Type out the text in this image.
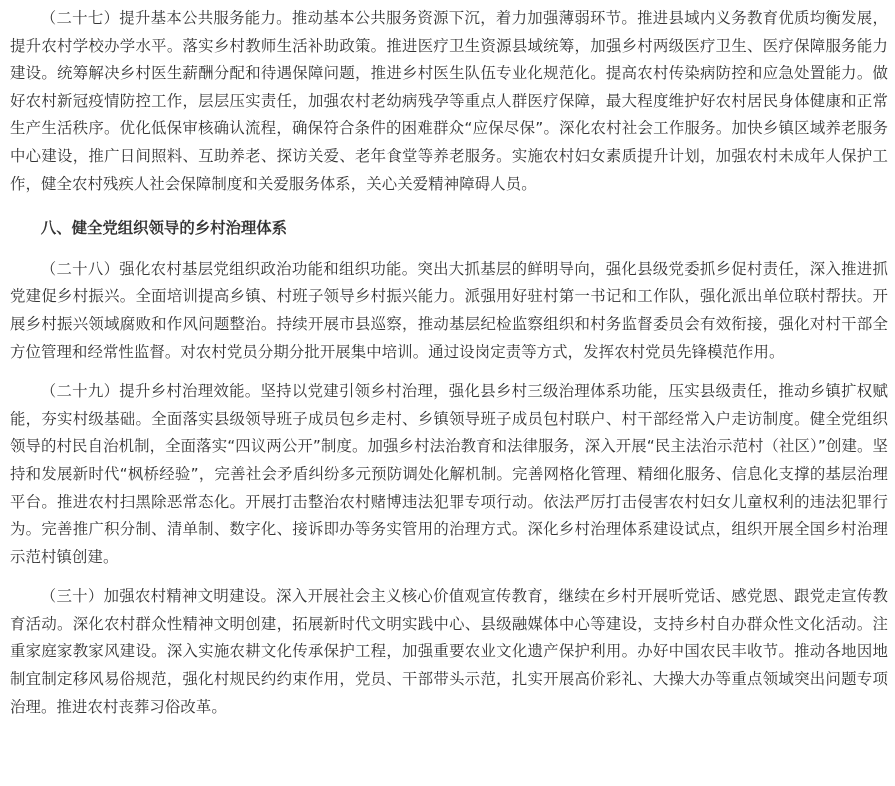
（二十七）提升基本公共服务能力。推动基本公共服务资源下沉，着力加强薄弱环节。推进县域内义务教育优质均衡发展，提升农村学校办学水平。落实乡村教师生活补助政策。推进医疗卫生资源县域统筹，加强乡村两级医疗卫生、医疗保障服务能力建设。统筹解决乡村医生薪酬分配和待遇保障问题，推进乡村医生队伍专业化规范化。提高农村传染病防控和应急处置能力。做好农村新冠疫情防控工作，层层压实责任，加强农村老幼病残孕等重点人群医疗保障，最大程度维护好农村居民身体健康和正常生产生活秩序。优化低保审核确认流程，确保符合条件的困难群众“应保尽保”。深化农村社会工作服务。加快乡镇区域养老服务中心建设，推广日间照料、互助养老、探访关爱、老年食堂等养老服务。实施农村妇女素质提升计划，加强农村未成年人保护工作，健全农村残疾人社会保障制度和关爱服务体系，关心关爱精神障碍人员。

八、健全党组织领导的乡村治理体系

（二十八）强化农村基层党组织政治功能和组织功能。突出大抓基层的鲜明导向，强化县级党委抓乡促村责任，深入推进抓党建促乡村振兴。全面培训提高乡镇、村班子领导乡村振兴能力。派强用好驻村第一书记和工作队，强化派出单位联村帮扶。开展乡村振兴领域腐败和作风问题整治。持续开展市县巡察，推动基层纪检监察组织和村务监督委员会有效衔接，强化对村干部全方位管理和经常性监督。对农村党员分期分批开展集中培训。通过设岗定责等方式，发挥农村党员先锋模范作用。

（二十九）提升乡村治理效能。坚持以党建引领乡村治理，强化县乡村三级治理体系功能，压实县级责任，推动乡镇扩权赋能，夯实村级基础。全面落实县级领导班子成员包乡走村、乡镇领导班子成员包村联户、村干部经常入户走访制度。健全党组织领导的村民自治机制，全面落实“四议两公开”制度。加强乡村法治教育和法律服务，深入开展“民主法治示范村（社区）”创建。坚持和发展新时代“枫桥经验”，完善社会矛盾纠纷多元预防调处化解机制。完善网格化管理、精细化服务、信息化支撑的基层治理平台。推进农村扫黑除恶常态化。开展打击整治农村赌博违法犯罪专项行动。依法严厉打击侵害农村妇女儿童权利的违法犯罪行为。完善推广积分制、清单制、数字化、接诉即办等务实管用的治理方式。深化乡村治理体系建设试点，组织开展全国乡村治理示范村镇创建。

（三十）加强农村精神文明建设。深入开展社会主义核心价值观宣传教育，继续在乡村开展听党话、感党恩、跟党走宣传教育活动。深化农村群众性精神文明创建，拓展新时代文明实践中心、县级融媒体中心等建设，支持乡村自办群众性文化活动。注重家庭家教家风建设。深入实施农耕文化传承保护工程，加强重要农业文化遗产保护利用。办好中国农民丰收节。推动各地因地制宜制定移风易俗规范，强化村规民约约束作用，党员、干部带头示范，扎实开展高价彩礼、大操大办等重点领域突出问题专项治理。推进农村丧葬习俗改革。
